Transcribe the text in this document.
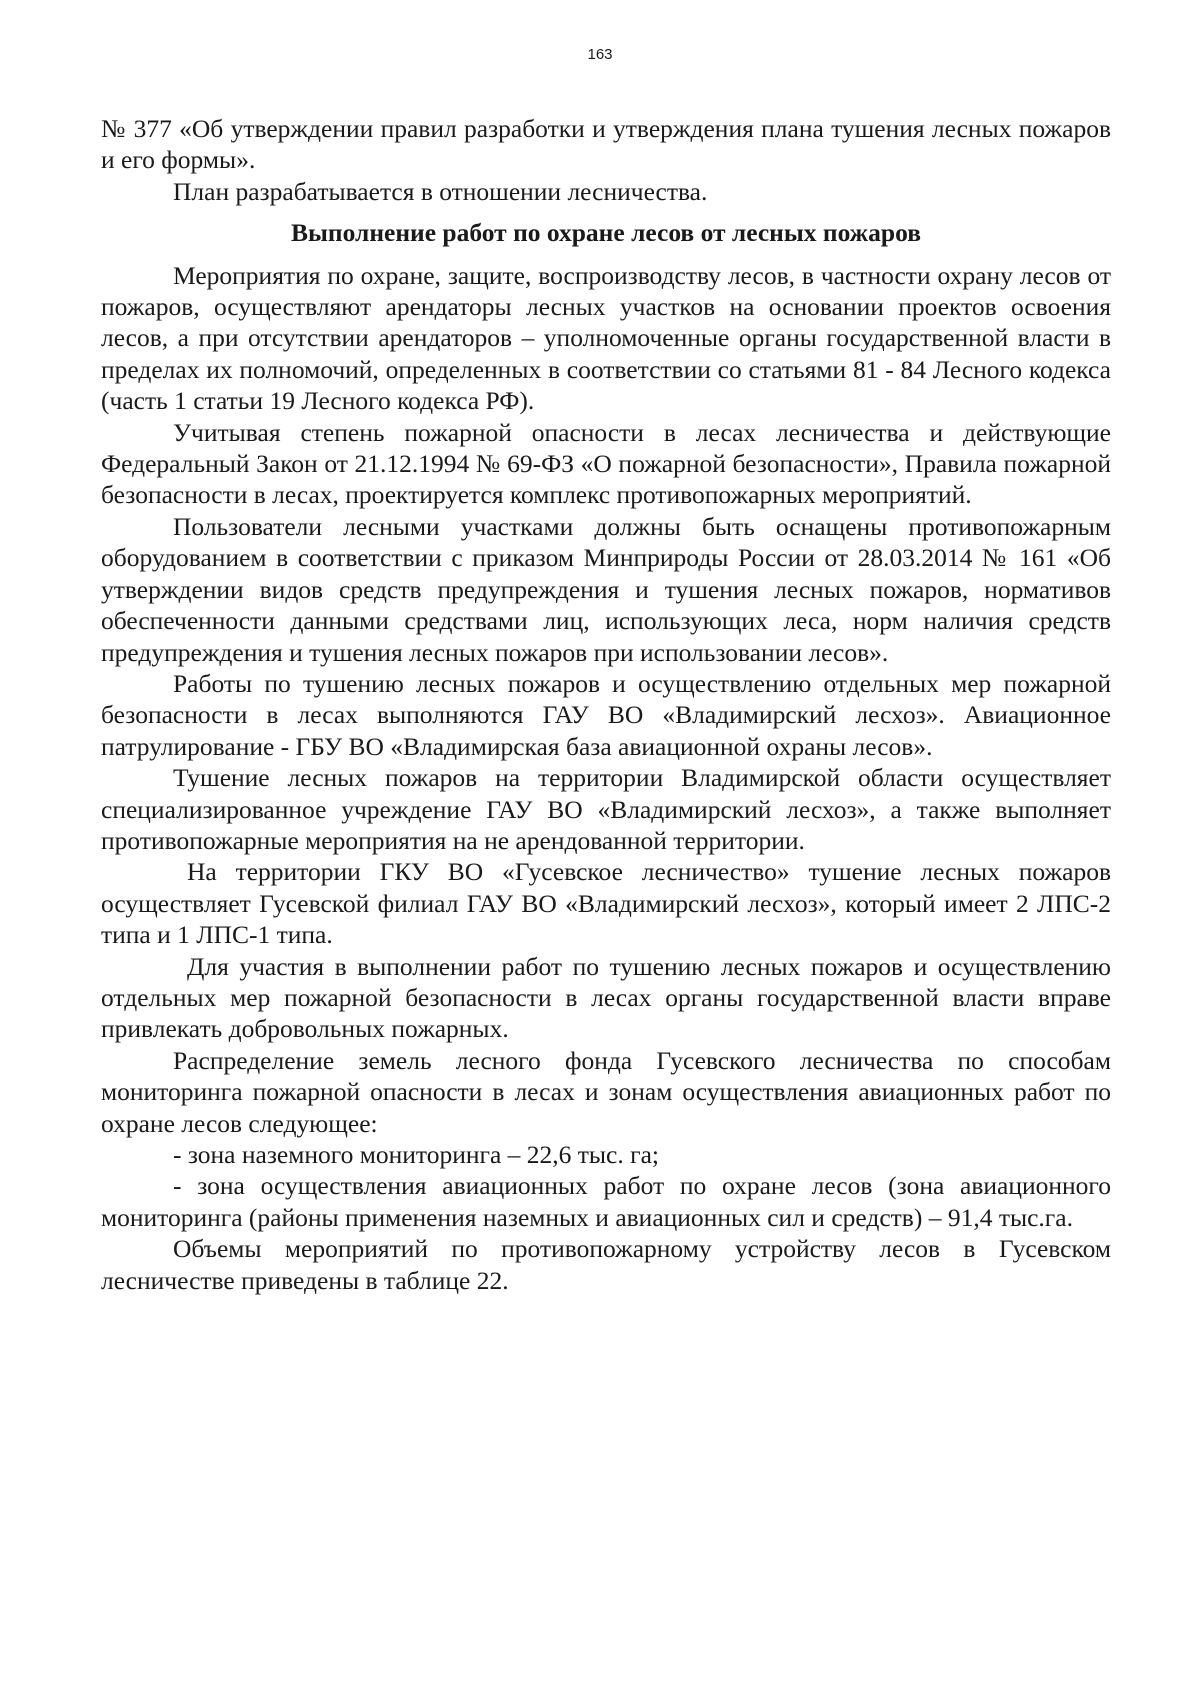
163

№ 377 «Об утверждении правил разработки и утверждения плана тушения лесных пожаров и его формы».

План разрабатывается в отношении лесничества.

Выполнение работ по охране лесов от лесных пожаров

Мероприятия по охране, защите, воспроизводству лесов, в частности охрану лесов от пожаров, осуществляют арендаторы лесных участков на основании проектов освоения лесов, а при отсутствии арендаторов – уполномоченные органы государственной власти в пределах их полномочий, определенных в соответствии со статьями 81 - 84 Лесного кодекса (часть 1 статьи 19 Лесного кодекса РФ).

Учитывая степень пожарной опасности в лесах лесничества и действующие Федеральный Закон от 21.12.1994 № 69-ФЗ «О пожарной безопасности», Правила пожарной безопасности в лесах, проектируется комплекс противопожарных мероприятий.

Пользователи лесными участками должны быть оснащены противопожарным оборудованием в соответствии с приказом Минприроды России от 28.03.2014 № 161 «Об утверждении видов средств предупреждения и тушения лесных пожаров, нормативов обеспеченности данными средствами лиц, использующих леса, норм наличия средств предупреждения и тушения лесных пожаров при использовании лесов».

Работы по тушению лесных пожаров и осуществлению отдельных мер пожарной безопасности в лесах выполняются ГАУ ВО «Владимирский лесхоз». Авиационное патрулирование - ГБУ ВО «Владимирская база авиационной охраны лесов».

Тушение лесных пожаров на территории Владимирской области осуществляет специализированное учреждение ГАУ ВО «Владимирский лесхоз», а также выполняет противопожарные мероприятия на не арендованной территории.

На территории ГКУ ВО «Гусевское лесничество» тушение лесных пожаров осуществляет Гусевской филиал ГАУ ВО «Владимирский лесхоз», который имеет 2 ЛПС-2 типа и 1 ЛПС-1 типа.

Для участия в выполнении работ по тушению лесных пожаров и осуществлению отдельных мер пожарной безопасности в лесах органы государственной власти вправе привлекать добровольных пожарных.

Распределение земель лесного фонда Гусевского лесничества по способам мониторинга пожарной опасности в лесах и зонам осуществления авиационных работ по охране лесов следующее:

- зона наземного мониторинга – 22,6 тыс. га;

- зона осуществления авиационных работ по охране лесов (зона авиационного мониторинга (районы применения наземных и авиационных сил и средств) – 91,4 тыс.га.

Объемы мероприятий по противопожарному устройству лесов в Гусевском лесничестве приведены в таблице 22.
